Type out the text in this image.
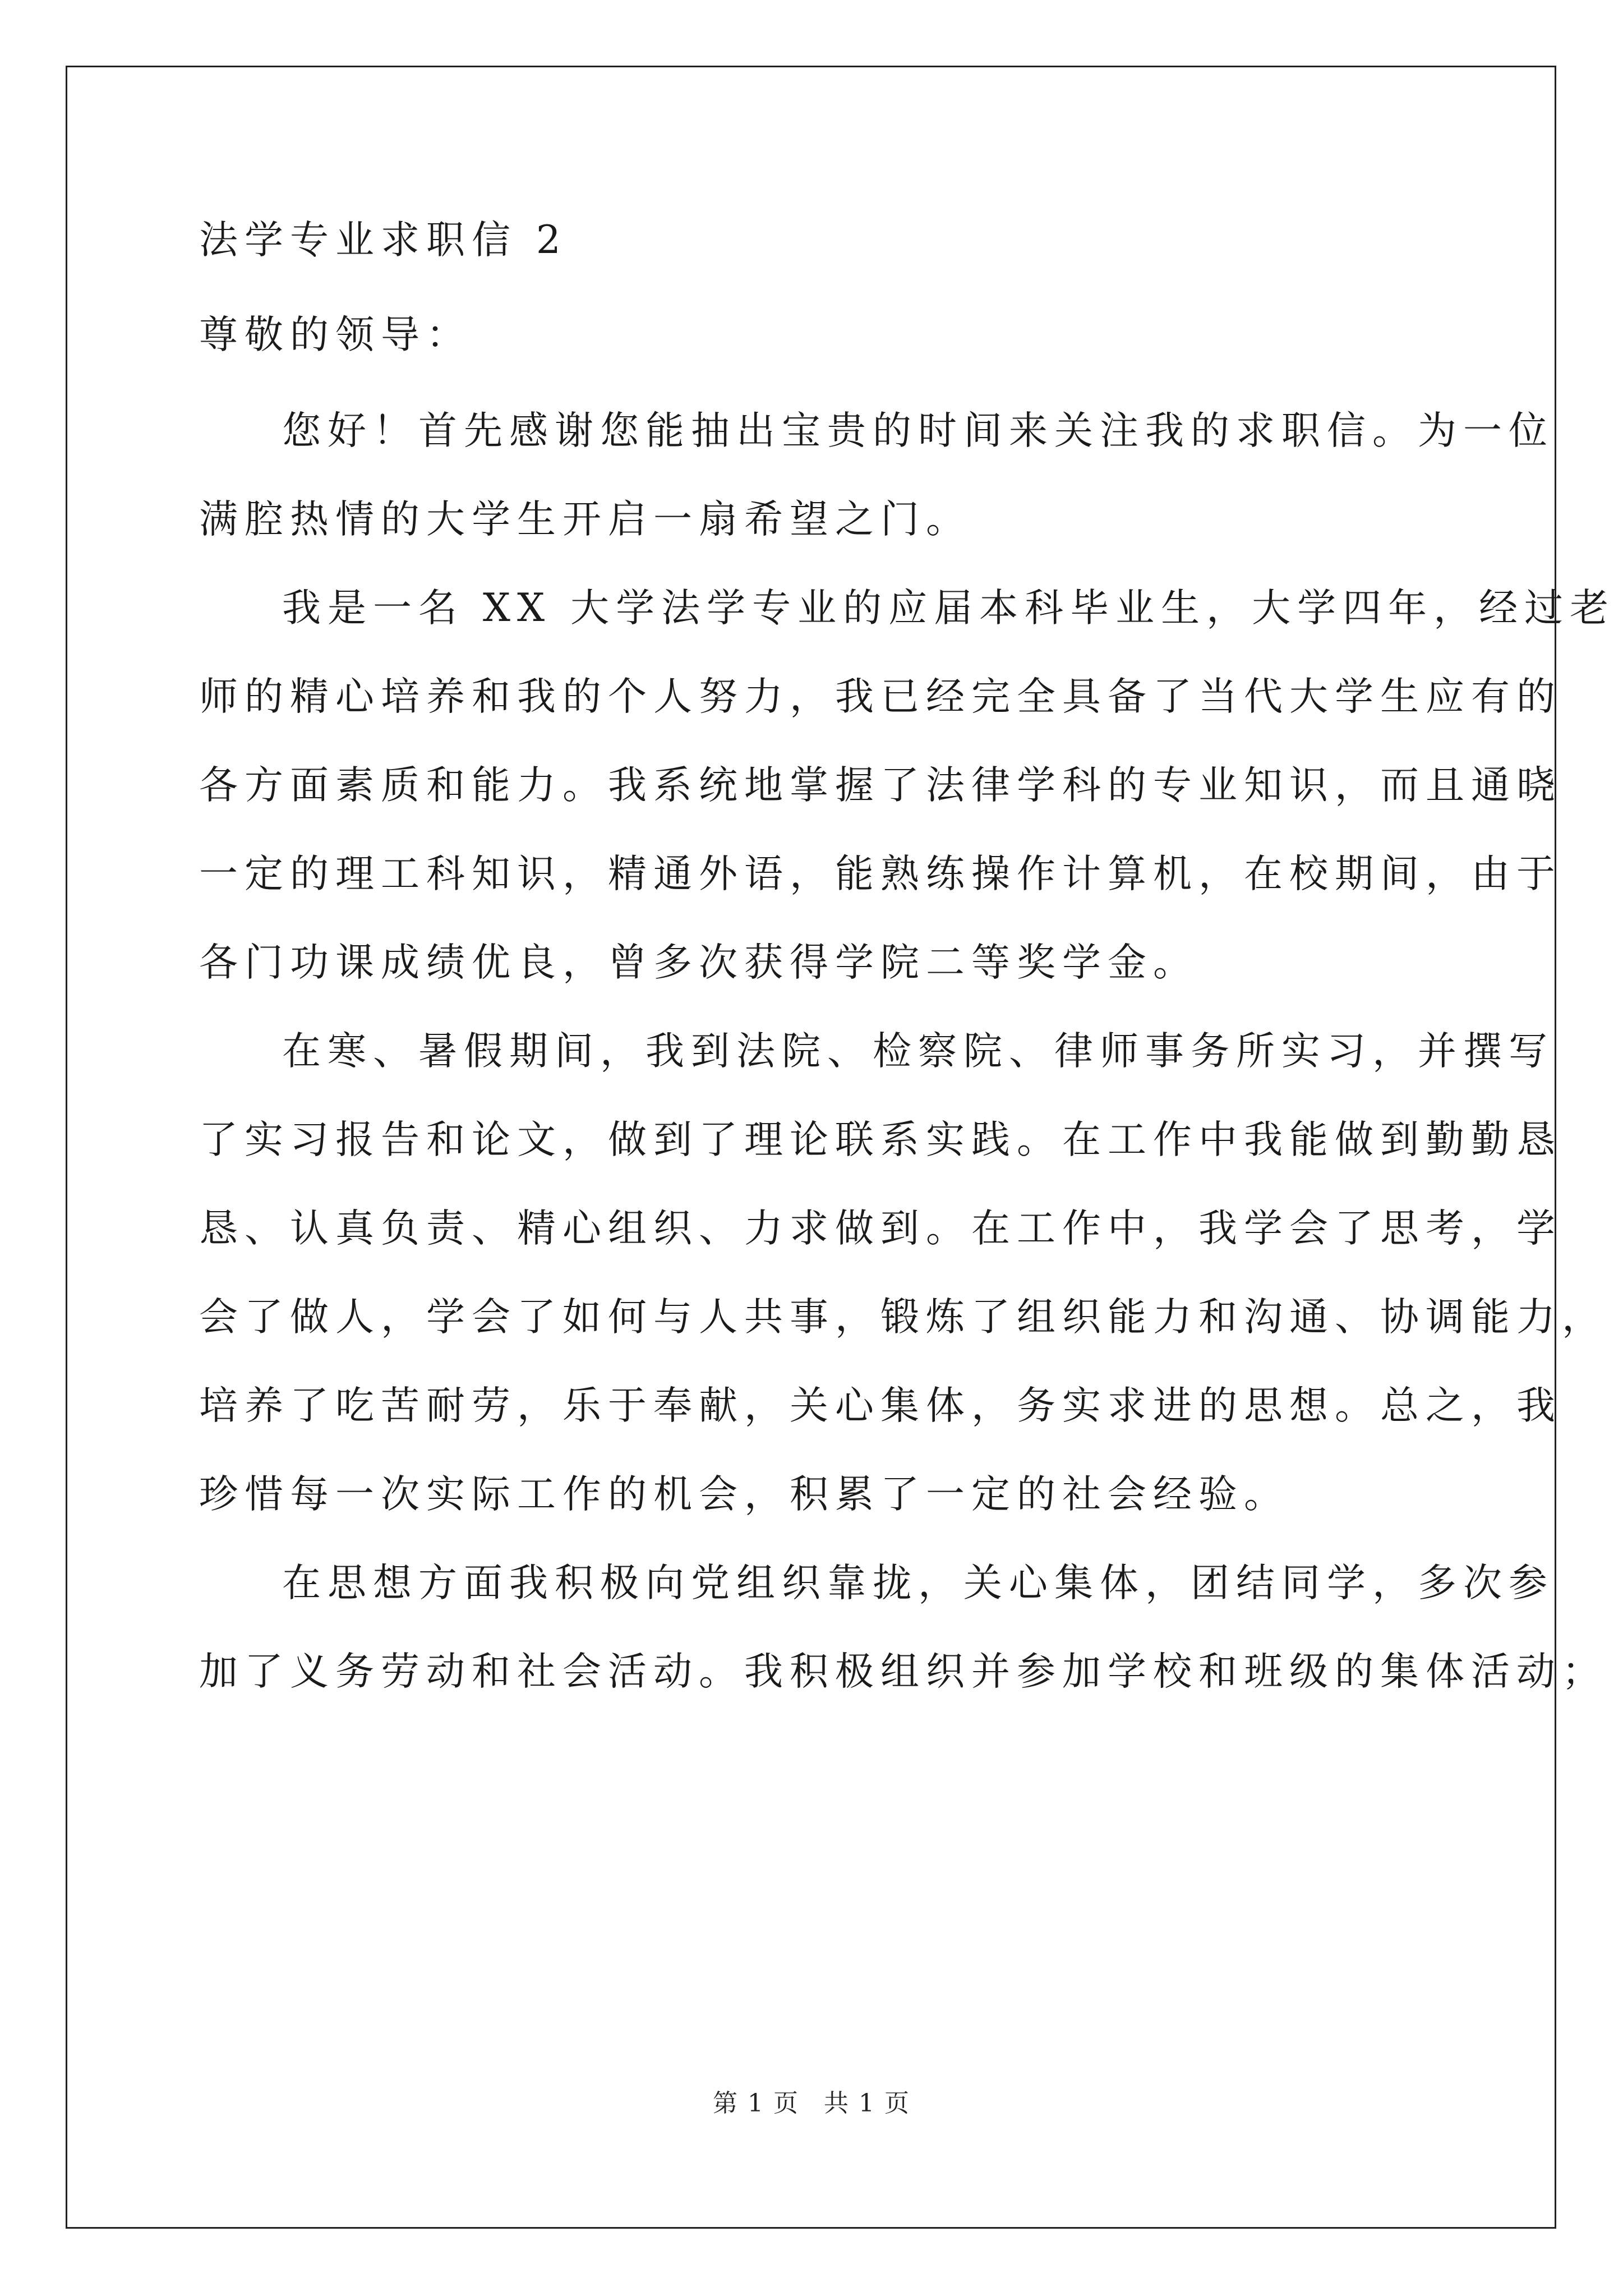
法学专业求职信 2
尊敬的领导：
您好！首先感谢您能抽出宝贵的时间来关注我的求职信。为一位
满腔热情的大学生开启一扇希望之门。
我是一名 XX 大学法学专业的应届本科毕业生，大学四年，经过老
师的精心培养和我的个人努力，我已经完全具备了当代大学生应有的
各方面素质和能力。我系统地掌握了法律学科的专业知识，而且通晓
一定的理工科知识，精通外语，能熟练操作计算机，在校期间，由于
各门功课成绩优良，曾多次获得学院二等奖学金。
在寒、暑假期间，我到法院、检察院、律师事务所实习，并撰写
了实习报告和论文，做到了理论联系实践。在工作中我能做到勤勤恳
恳、认真负责、精心组织、力求做到。在工作中，我学会了思考，学
会了做人，学会了如何与人共事，锻炼了组织能力和沟通、协调能力，
培养了吃苦耐劳，乐于奉献，关心集体，务实求进的思想。总之，我
珍惜每一次实际工作的机会，积累了一定的社会经验。
在思想方面我积极向党组织靠拢，关心集体，团结同学，多次参
加了义务劳动和社会活动。我积极组织并参加学校和班级的集体活动；
第 1 页 共 1 页
